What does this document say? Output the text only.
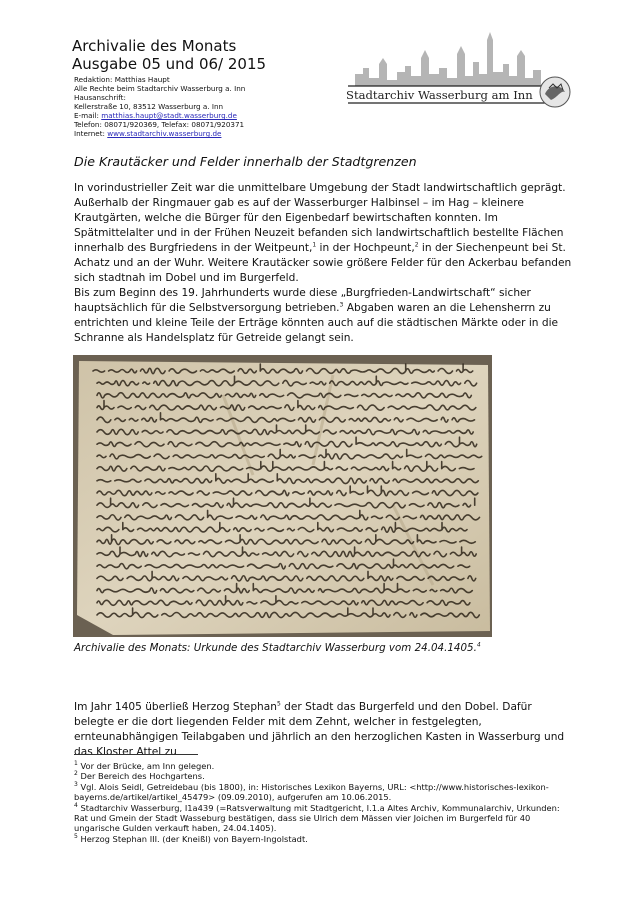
Archivalie des Monats
Ausgabe 05 und 06/ 2015
Redaktion: Matthias Haupt
Alle Rechte beim Stadtarchiv Wasserburg a. Inn
Hausanschrift:
Kellerstraße 10, 83512 Wasserburg a. Inn
E-mail: matthias.haupt@stadt.wasserburg.de
Telefon: 08071/920369, Telefax: 08071/920371
Internet: www.stadtarchiv.wasserburg.de
Stadtarchiv Wasserburg am Inn
Die Krautäcker und Felder innerhalb der Stadtgrenzen
In vorindustrieller Zeit war die unmittelbare Umgebung der Stadt landwirtschaftlich geprägt. Außerhalb der Ringmauer gab es auf der Wasserburger Halbinsel – im Hag – kleinere Krautgärten, welche die Bürger für den Eigenbedarf bewirtschaften konnten. Im Spätmittelalter und in der Frühen Neuzeit befanden sich landwirtschaftlich bestellte Flächen innerhalb des Burgfriedens in der Weitpeunt,$^1$ in der Hochpeunt,$^2$ in der Siechenpeunt bei St. Achatz und an der Wuhr. Weitere Krautäcker sowie größere Felder für den Ackerbau befanden sich stadtnah im Dobel und im Burgerfeld.
Bis zum Beginn des 19. Jahrhunderts wurde diese „Burgfrieden-Landwirtschaft“ sicher hauptsächlich für die Selbstversorgung betrieben.$^3$ Abgaben waren an die Lehensherrn zu entrichten und kleine Teile der Erträge könnten auch auf die städtischen Märkte oder in die Schranne als Handelsplatz für Getreide gelangt sein.
Archivalie des Monats: Urkunde des Stadtarchiv Wasserburg vom 24.04.1405.$^4$
Im Jahr 1405 überließ Herzog Stephan$^5$ der Stadt das Burgerfeld und den Dobel. Dafür belegte er die dort liegenden Felder mit dem Zehnt, welcher in festgelegten, ernteunabhängigen Teilabgaben und jährlich an den herzoglichen Kasten in Wasserburg und das Kloster Attel zu

$^1$ Vor der Brücke, am Inn gelegen.

$^2$ Der Bereich des Hochgartens.

$^3$ Vgl. Alois Seidl, Getreidebau (bis 1800), in: Historisches Lexikon Bayerns, URL: <http://www.historisches-lexikon-bayerns.de/artikel/artikel_45479> (09.09.2010), aufgerufen am 10.06.2015.

$^4$ Stadtarchiv Wasserburg, I1a439 (=Ratsverwaltung mit Stadtgericht, I.1.a Altes Archiv, Kommunalarchiv, Urkunden: Rat und Gmein der Stadt Wasseburg bestätigen, dass sie Ulrich dem Mässen vier Joichen im Burgerfeld für 40 ungarische Gulden verkauft haben, 24.04.1405).

$^5$ Herzog Stephan III. (der Kneißl) von Bayern-Ingolstadt.
